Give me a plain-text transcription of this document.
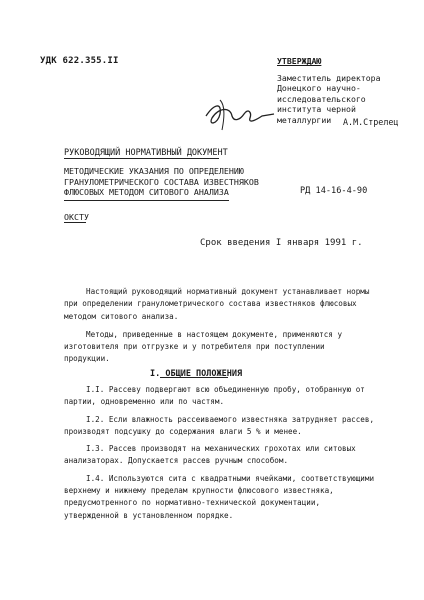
УДК 622.355.II	УТВЕРЖДАЮ
Заместитель директора
Донецкого научно-
исследовательского
института черной
металлургии	А.М.Стрелец
РУКОВОДЯЩИЙ НОРМАТИВНЫЙ ДОКУМЕНТ
МЕТОДИЧЕСКИЕ УКАЗАНИЯ ПО ОПРЕДЕЛЕНИЮ
ГРАНУЛОМЕТРИЧЕСКОГО СОСТАВА ИЗВЕСТНЯКОВ
ФЛЮСОВЫХ МЕТОДОМ СИТОВОГО АНАЛИЗА	РД 14-16-4-90
ОКСТУ
Срок введения I января 1991 г.

Настоящий руководящий нормативный документ устанавливает нормы при определении гранулометрического состава известняков флюсовых методом ситового анализа.

Методы, приведенные в настоящем документе, применяются у изготовителя при отгрузке и у потребителя при поступлении продукции.

I. ОБЩИЕ ПОЛОЖЕНИЯ

I.I. Рассеву подвергают всю объединенную пробу, отобранную от партии, одновременно или по частям.

I.2. Если влажность рассеиваемого известняка затрудняет рассев, производят подсушку до содержания влаги 5 % и менее.

I.3. Рассев производят на механических грохотах или ситовых анализаторах. Допускается рассев ручным способом.

I.4. Используются сита с квадратными ячейками, соответствующими верхнему и нижнему пределам крупности флюсового известняка, предусмотренного по нормативно-технической документации, утвержденной в установленном порядке.
